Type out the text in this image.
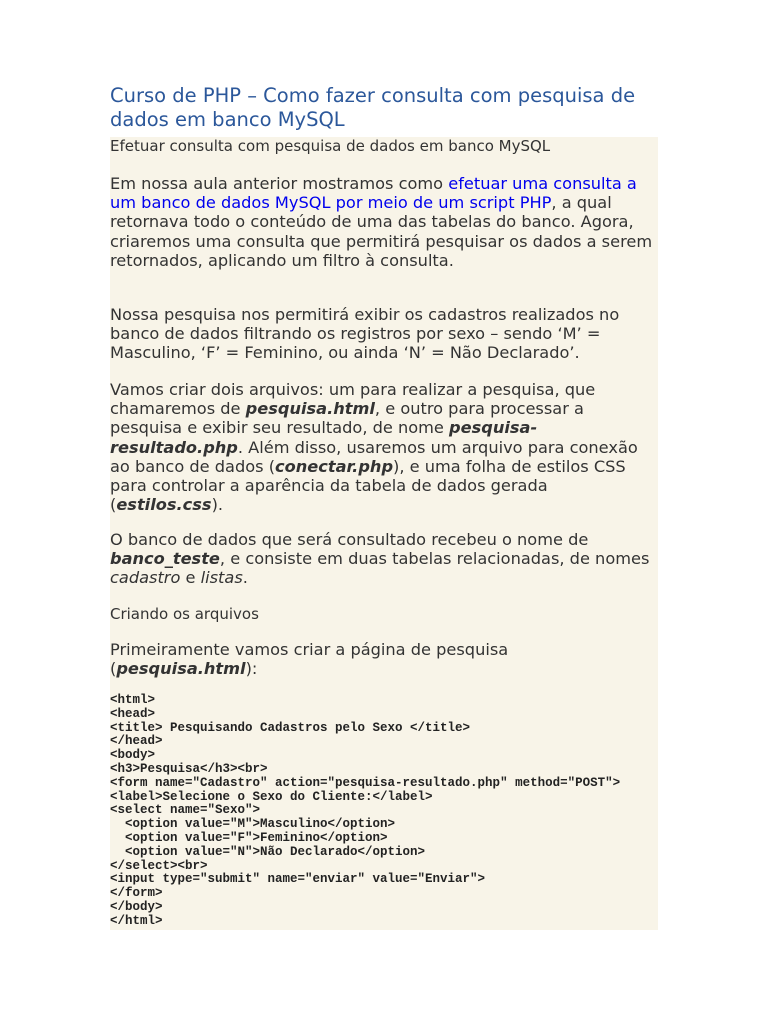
Curso de PHP – Como fazer consulta com pesquisa de dados em banco MySQL
Efetuar consulta com pesquisa de dados em banco MySQL

Em nossa aula anterior mostramos como efetuar uma consulta a um banco de dados MySQL por meio de um script PHP, a qual retornava todo o conteúdo de uma das tabelas do banco. Agora, criaremos uma consulta que permitirá pesquisar os dados a serem retornados, aplicando um filtro à consulta.

Nossa pesquisa nos permitirá exibir os cadastros realizados no banco de dados filtrando os registros por sexo – sendo ‘M’ = Masculino, ‘F’ = Feminino, ou ainda ‘N’ = Não Declarado’.

Vamos criar dois arquivos: um para realizar a pesquisa, que chamaremos de pesquisa.html, e outro para processar a pesquisa e exibir seu resultado, de nome pesquisa-resultado.php. Além disso, usaremos um arquivo para conexão ao banco de dados (conectar.php), e uma folha de estilos CSS para controlar a aparência da tabela de dados gerada (estilos.css).

O banco de dados que será consultado recebeu o nome de banco_teste, e consiste em duas tabelas relacionadas, de nomes cadastro e listas.

Criando os arquivos

Primeiramente vamos criar a página de pesquisa (pesquisa.html):

<html>
<head>
<title> Pesquisando Cadastros pelo Sexo </title>
</head>
<body>
<h3>Pesquisa</h3><br>
<form name="Cadastro" action="pesquisa-resultado.php" method="POST">
<label>Selecione o Sexo do Cliente:</label>
<select name="Sexo">
<option value="M">Masculino</option>
<option value="F">Feminino</option>
<option value="N">Não Declarado</option>
</select><br>
<input type="submit" name="enviar" value="Enviar">
</form>
</body>
</html>
